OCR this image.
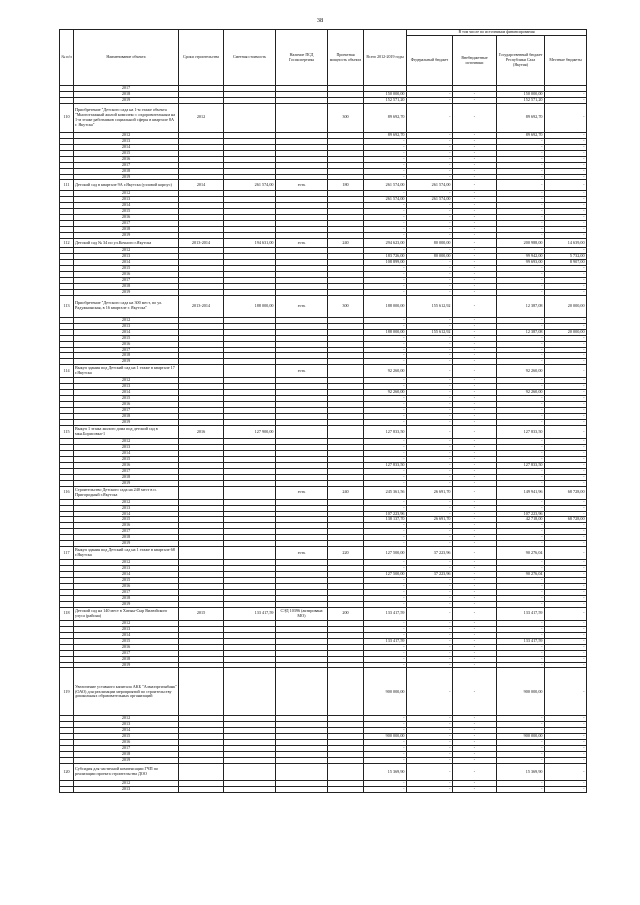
38
№ п/п	Наименование объекта	Сроки строительства	Сметная стоимость	Наличие ПСД Госэкспертизы	Проектная мощность объекта	Всего 2012-2019 годы	В том числе по источникам финансирования			
							Федеральный бюджет	Внебюджетные источники	Государственный бюджет Республики Саха (Якутия)	Местные бюджеты
	2017									
	2018					150 000,00	-	-	150 000,00	-
	2019					152 571,20	-	-	152 571,20	-
110	Приобретение "Детского сада на 1-м этаже объекта "Многоэтажный жилой комплекс с оздоровительным на 1-м этаже работников социальной сферы в квартале 8А г. Якутска"	2012			300	89 692,70	-	-	89 692,70	-
	2012					89 692,70	-	-	89 692,70	-
	2013					-	-	-	-	-
	2014					-	-	-	-	-
	2015					-	-	-	-	-
	2016					-	-	-	-	-
	2017					-	-	-	-	-
	2018					-	-	-	-	-
	2019					-	-	-	-	-
111	Детский сад в квартале 9А г.Якутска (узловой корпус)	2014	261 574,00	есть	180	261 574,00	261 574,00	-	-	-
	2012					-	-	-	-	-
	2013					261 574,00	261 574,00	-	-	-
	2014					-	-	-	-	-
	2015					-	-	-	-	-
	2016					-	-	-	-	-
	2017					-	-	-	-	-
	2018					-	-	-	-	-
	2019					-	-	-	-	-
112	Детский сад № 34 по ул.Кочного г.Якутска	2013-2014	194 631,00	есть	240	294 623,00	80 000,00	-	200 988,00	14 639,00
	2012					-	-	-	-	-
	2013					183 726,00	80 000,00	-	99 942,00	5 732,00
	2014					108 899,00	-	-	99 693,00	8 907,00
	2015					-	-	-	-	-
	2016					-	-	-	-	-
	2017					-	-	-	-	-
	2018					-	-	-	-	-
	2019					-	-	-	-	-
113	Приобретение "Детского сада на 300 мест, по ул. Радужнинская, в 16 квартале г. Якутска"	2013-2014	188 000,00	есть	300	188 000,00	155 612,92	-	12 387,08	20 000,00
	2012					-	-	-	-	-
	2013					-	-	-	-	-
	2014					188 000,00	155 612,92	-	12 387,08	20 000,00
	2015					-	-	-	-	-
	2016					-	-	-	-	-
	2017					-	-	-	-	-
	2018					-	-	-	-	-
	2019					-	-	-	-	-
114	Выкуп здания под Детский сад на 1 этаже в квартале 17 г.Якутска			есть		92 260,00	-	-	92 260,00	-
	2012					-	-	-	-	-
	2013					-	-	-	-	-
	2014					92 260,00	-	-	92 260,00	-
	2015					-	-	-	-	-
	2016					-	-	-	-	-
	2017					-	-	-	-	-
	2018					-	-	-	-	-
	2019					-	-	-	-	-
115	Выкуп 1 этажа жилого дома под детский сад в мкн.Борисовка-1	2016	127 900,00			127 833,50	-	-	127 833,50	-
	2012					-	-	-	-	-
	2013					-	-	-	-	-
	2014					-	-	-	-	-
	2015					-	-	-	-	-
	2016					127 833,50	-	-	127 833,50	-
	2017					-	-	-	-	-
	2018					-	-	-	-	-
	2019					-	-	-	-	-
116	Строительство Детского сада на 240 мест в п. Пригородный г.Якутска			есть	240	245 361,56	26 691,70	-	149 941,96	68 728,00
	2012					-	-	-	-	-
	2013					-	-	-	-	-
	2014					107 223,96	-	-	107 223,96	-
	2015					138 137,70	26 691,70	-	42 718,00	68 728,00
	2016					-	-	-	-	-
	2017					-	-	-	-	-
	2018					-	-	-	-	-
	2019					-	-	-	-	-
117	Выкуп здания под Детский сад на 1 этаже в квартале 68 г.Якутска			есть	220	127 500,00	37 223,96	-	90 276,04	-
	2012					-	-	-	-	-
	2013					-	-	-	-	-
	2014					127 500,00	37 223,96	-	90 276,04	-
	2015					-	-	-	-	-
	2016					-	-	-	-	-
	2017					-	-	-	-	-
	2018					-	-	-	-	-
	2019					-	-	-	-	-
118	Детский сад на 140 мест в Хатыы-Сыр Вилюйского улуса (района)	2015	133 417,59	СЭД 10396 (актирована МО)	200	133 417,59	-	-	133 417,59	-
	2012					-	-	-	-	-
	2013					-	-	-	-	-
	2014					-	-	-	-	-
	2015					133 417,59	-	-	133 417,59	-
	2016					-	-	-	-	-
	2017					-	-	-	-	-
	2018					-	-	-	-	-
	2019					-	-	-	-	-
119	Увеличение уставного капитала АКБ "Алмазэргиэнбанк" (ОАО) для реализации мероприятий по строительству дошкольных образовательных организаций					900 000,00	-	-	900 000,00	-
	2012					-	-	-	-	-
	2013					-	-	-	-	-
	2014					-	-	-	-	-
	2015					900 000,00	-	-	900 000,00	-
	2016					-	-	-	-	-
	2017					-	-	-	-	-
	2018					-	-	-	-	-
	2019					-	-	-	-	-
120	Субсидия для частичной компенсации ГЧП по реализации проекта строительства ДОО					15 369,90	-	-	15 369,90	-
	2012					-	-	-	-	-
	2013					-	-	-	-	-
